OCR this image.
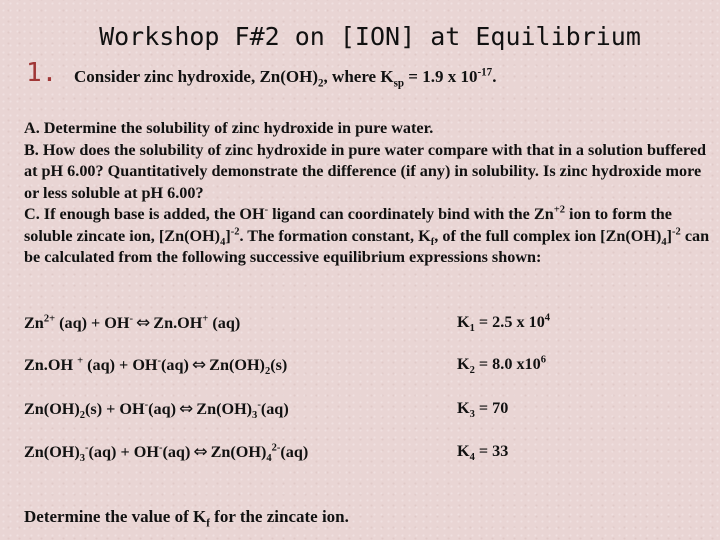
Workshop F#2 on [ION] at Equilibrium
1. Consider zinc hydroxide, $Zn(OH)_2$, where $K_{sp} = 1.9$ x $10^{-17}$.

A. Determine the solubility of zinc hydroxide in pure water.

B. How does the solubility of zinc hydroxide in pure water compare with that in a solution buffered at pH 6.00? Quantitatively demonstrate the difference (if any) in solubility. Is zinc hydroxide more or less soluble at pH 6.00?

C. If enough base is added, the OH- ligand can coordinately bind with the $Zn^{+2}$ ion to form the soluble zincate ion, $[Zn(OH)_4]^{-2}$. The formation constant, $K_f$, of the full complex ion $[Zn(OH)_4]^{-2}$ can be calculated from the following successive equilibrium expressions shown:

$Zn^{2+}$ (aq) + OH- ⇔ Zn.OH+ (aq)	$K_1 = 2.5$ x $10^4$
Zn.OH + (aq) + OH-(aq) ⇔ $Zn(OH)_2(s)$	$K_2 = 8.0$ $x10^6$
$Zn(OH)_2(s) + OH^-(aq)$ ⇔ $Zn(OH)_3^-(aq)$	$K_3 = 70$
$Zn(OH)_3^-(aq) + OH^-(aq)$ ⇔ $Zn(OH)_4^{2-}(aq)$	$K_4 = 33$
Determine the value of $K_f$ for the zincate ion.
